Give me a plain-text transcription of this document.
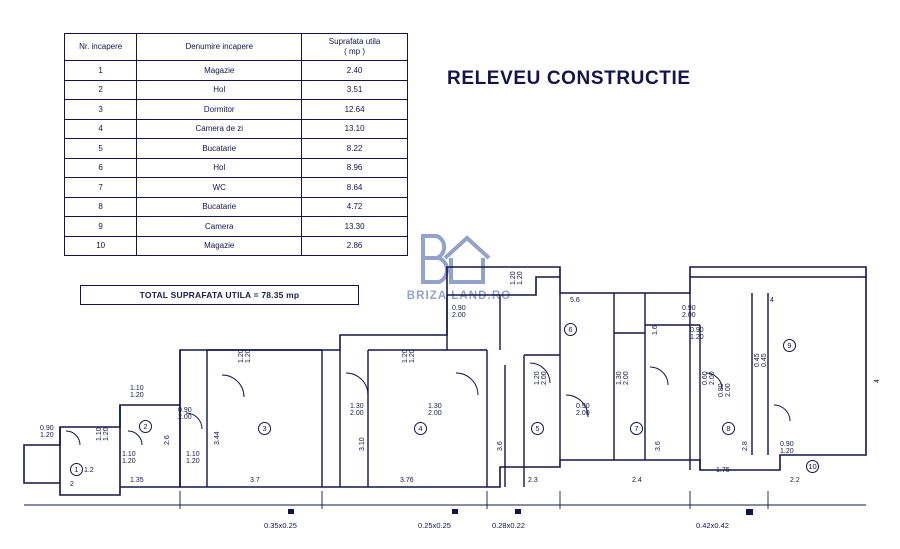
Nr. incapere	Denumire incapere	Suprafata utila
( mp )

1	Magazie	2.40
2	Hol	3.51
3	Dormitor	12.64
4	Camera de zi	13.10
5	Bucatarie	8.22
6	Hol	8.96
7	WC	8.64
8	Bucatarie	4.72
9	Camera	13.30
10	Magazie	2.86
TOTAL SUPRAFATA UTILA = 78.35 mp
RELEVEU CONSTRUCTIE
BRIZA LAND.RO
1
2	3	4	5
6
7	8
9
10
3.7	3.76	2.3	2.4
1.75
2.2
1.2
1.35
2
5.6	4
3.44
2.6	3.10	3.6	3.6	2.8
4
1.6
0.90
2.00
0.90
2.00
1.30
2.00
1.30
2.00
0.90
2.00
0.90
2.00
1.20
2.00	1.30
2.00	0.60
2.00
0.80
2.00
1.10
1.20
1.10
1.20
1.10
1.20
0.90
1.20	1.10
1.20
1.20
1.20	1.20
1.20
1.20
1.20
0.90
1.20
0.45
0.45
0.90
1.20
0.35x0.25	0.25x0.25	0.28x0.22	0.42x0.42
